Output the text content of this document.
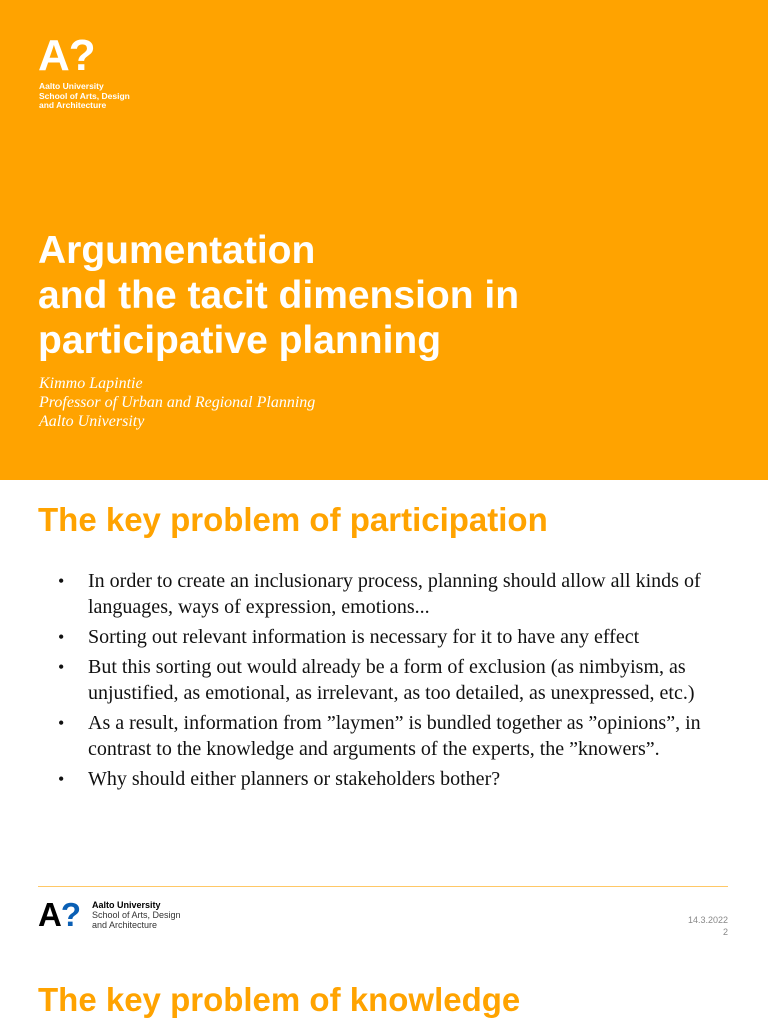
A?
Aalto University
School of Arts, Design
and Architecture
Argumentation
and the tacit dimension in
participative planning
Kimmo Lapintie
Professor of Urban and Regional Planning
Aalto University
The key problem of participation
• In order to create an inclusionary process, planning should allow all kinds of languages, ways of expression, emotions...
• Sorting out relevant information is necessary for it to have any effect
• But this sorting out would already be a form of exclusion (as nimbyism, as unjustified, as emotional, as irrelevant, as too detailed, as unexpressed, etc.)
• As a result, information from ”laymen” is bundled together as ”opinions”, in contrast to the knowledge and arguments of the experts, the ”knowers”.
• Why should either planners or stakeholders bother?
A? Aalto University
School of Arts, Design
and Architecture	14.3.2022
2
The key problem of knowledge
